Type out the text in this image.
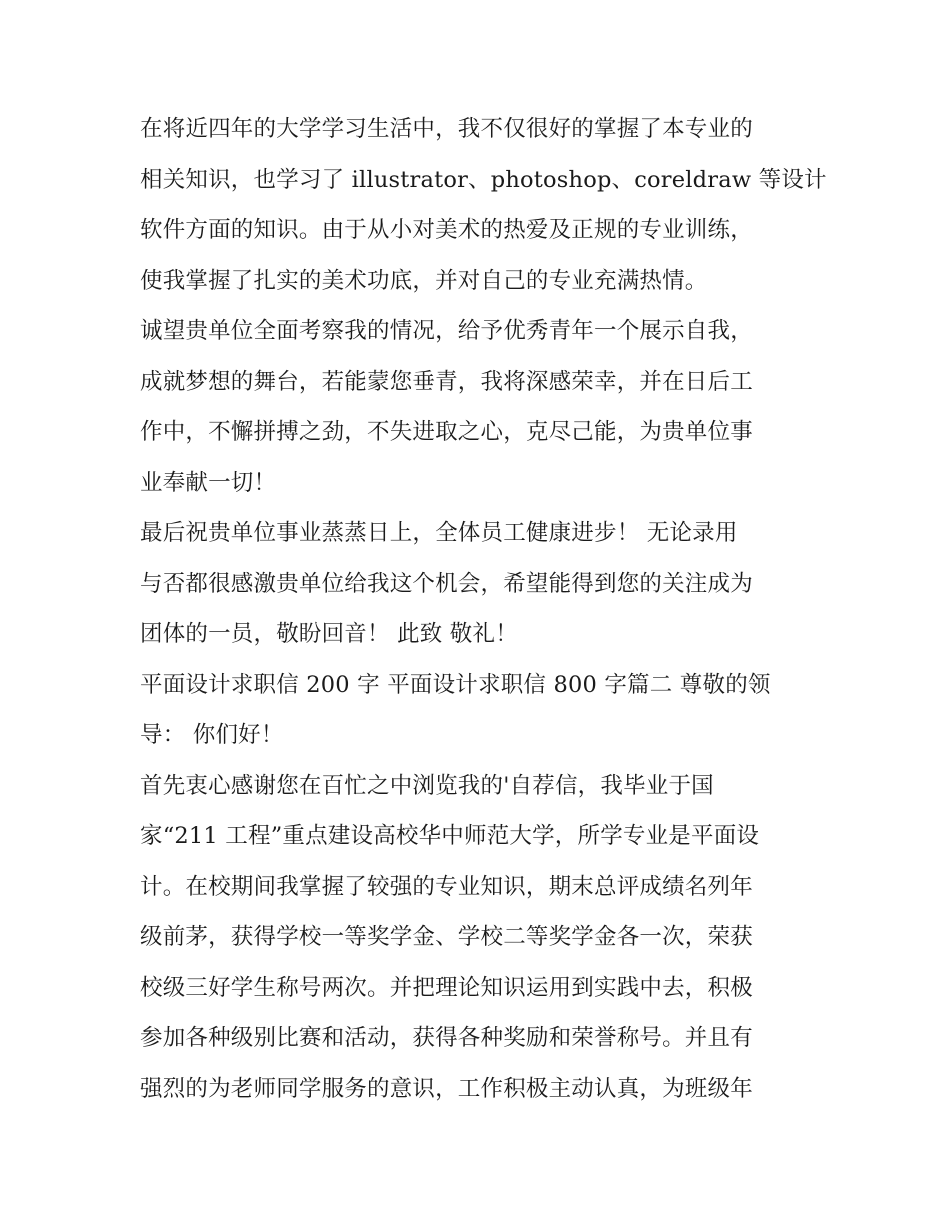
在将近四年的大学学习生活中，我不仅很好的掌握了本专业的
相关知识，也学习了 illustrator、photoshop、coreldraw 等设计
软件方面的知识。由于从小对美术的热爱及正规的专业训练，
使我掌握了扎实的美术功底，并对自己的专业充满热情。
诚望贵单位全面考察我的情况，给予优秀青年一个展示自我，
成就梦想的舞台，若能蒙您垂青，我将深感荣幸，并在日后工
作中，不懈拼搏之劲，不失进取之心，克尽己能，为贵单位事
业奉献一切！
最后祝贵单位事业蒸蒸日上，全体员工健康进步！ 无论录用
与否都很感激贵单位给我这个机会，希望能得到您的关注成为
团体的一员，敬盼回音！ 此致 敬礼！
平面设计求职信 200 字 平面设计求职信 800 字篇二 尊敬的领
导： 你们好！
首先衷心感谢您在百忙之中浏览我的'自荐信，我毕业于国
家“211 工程”重点建设高校华中师范大学，所学专业是平面设
计。在校期间我掌握了较强的专业知识，期末总评成绩名列年
级前茅，获得学校一等奖学金、学校二等奖学金各一次，荣获
校级三好学生称号两次。并把理论知识运用到实践中去，积极
参加各种级别比赛和活动，获得各种奖励和荣誉称号。并且有
强烈的为老师同学服务的意识，工作积极主动认真，为班级年
